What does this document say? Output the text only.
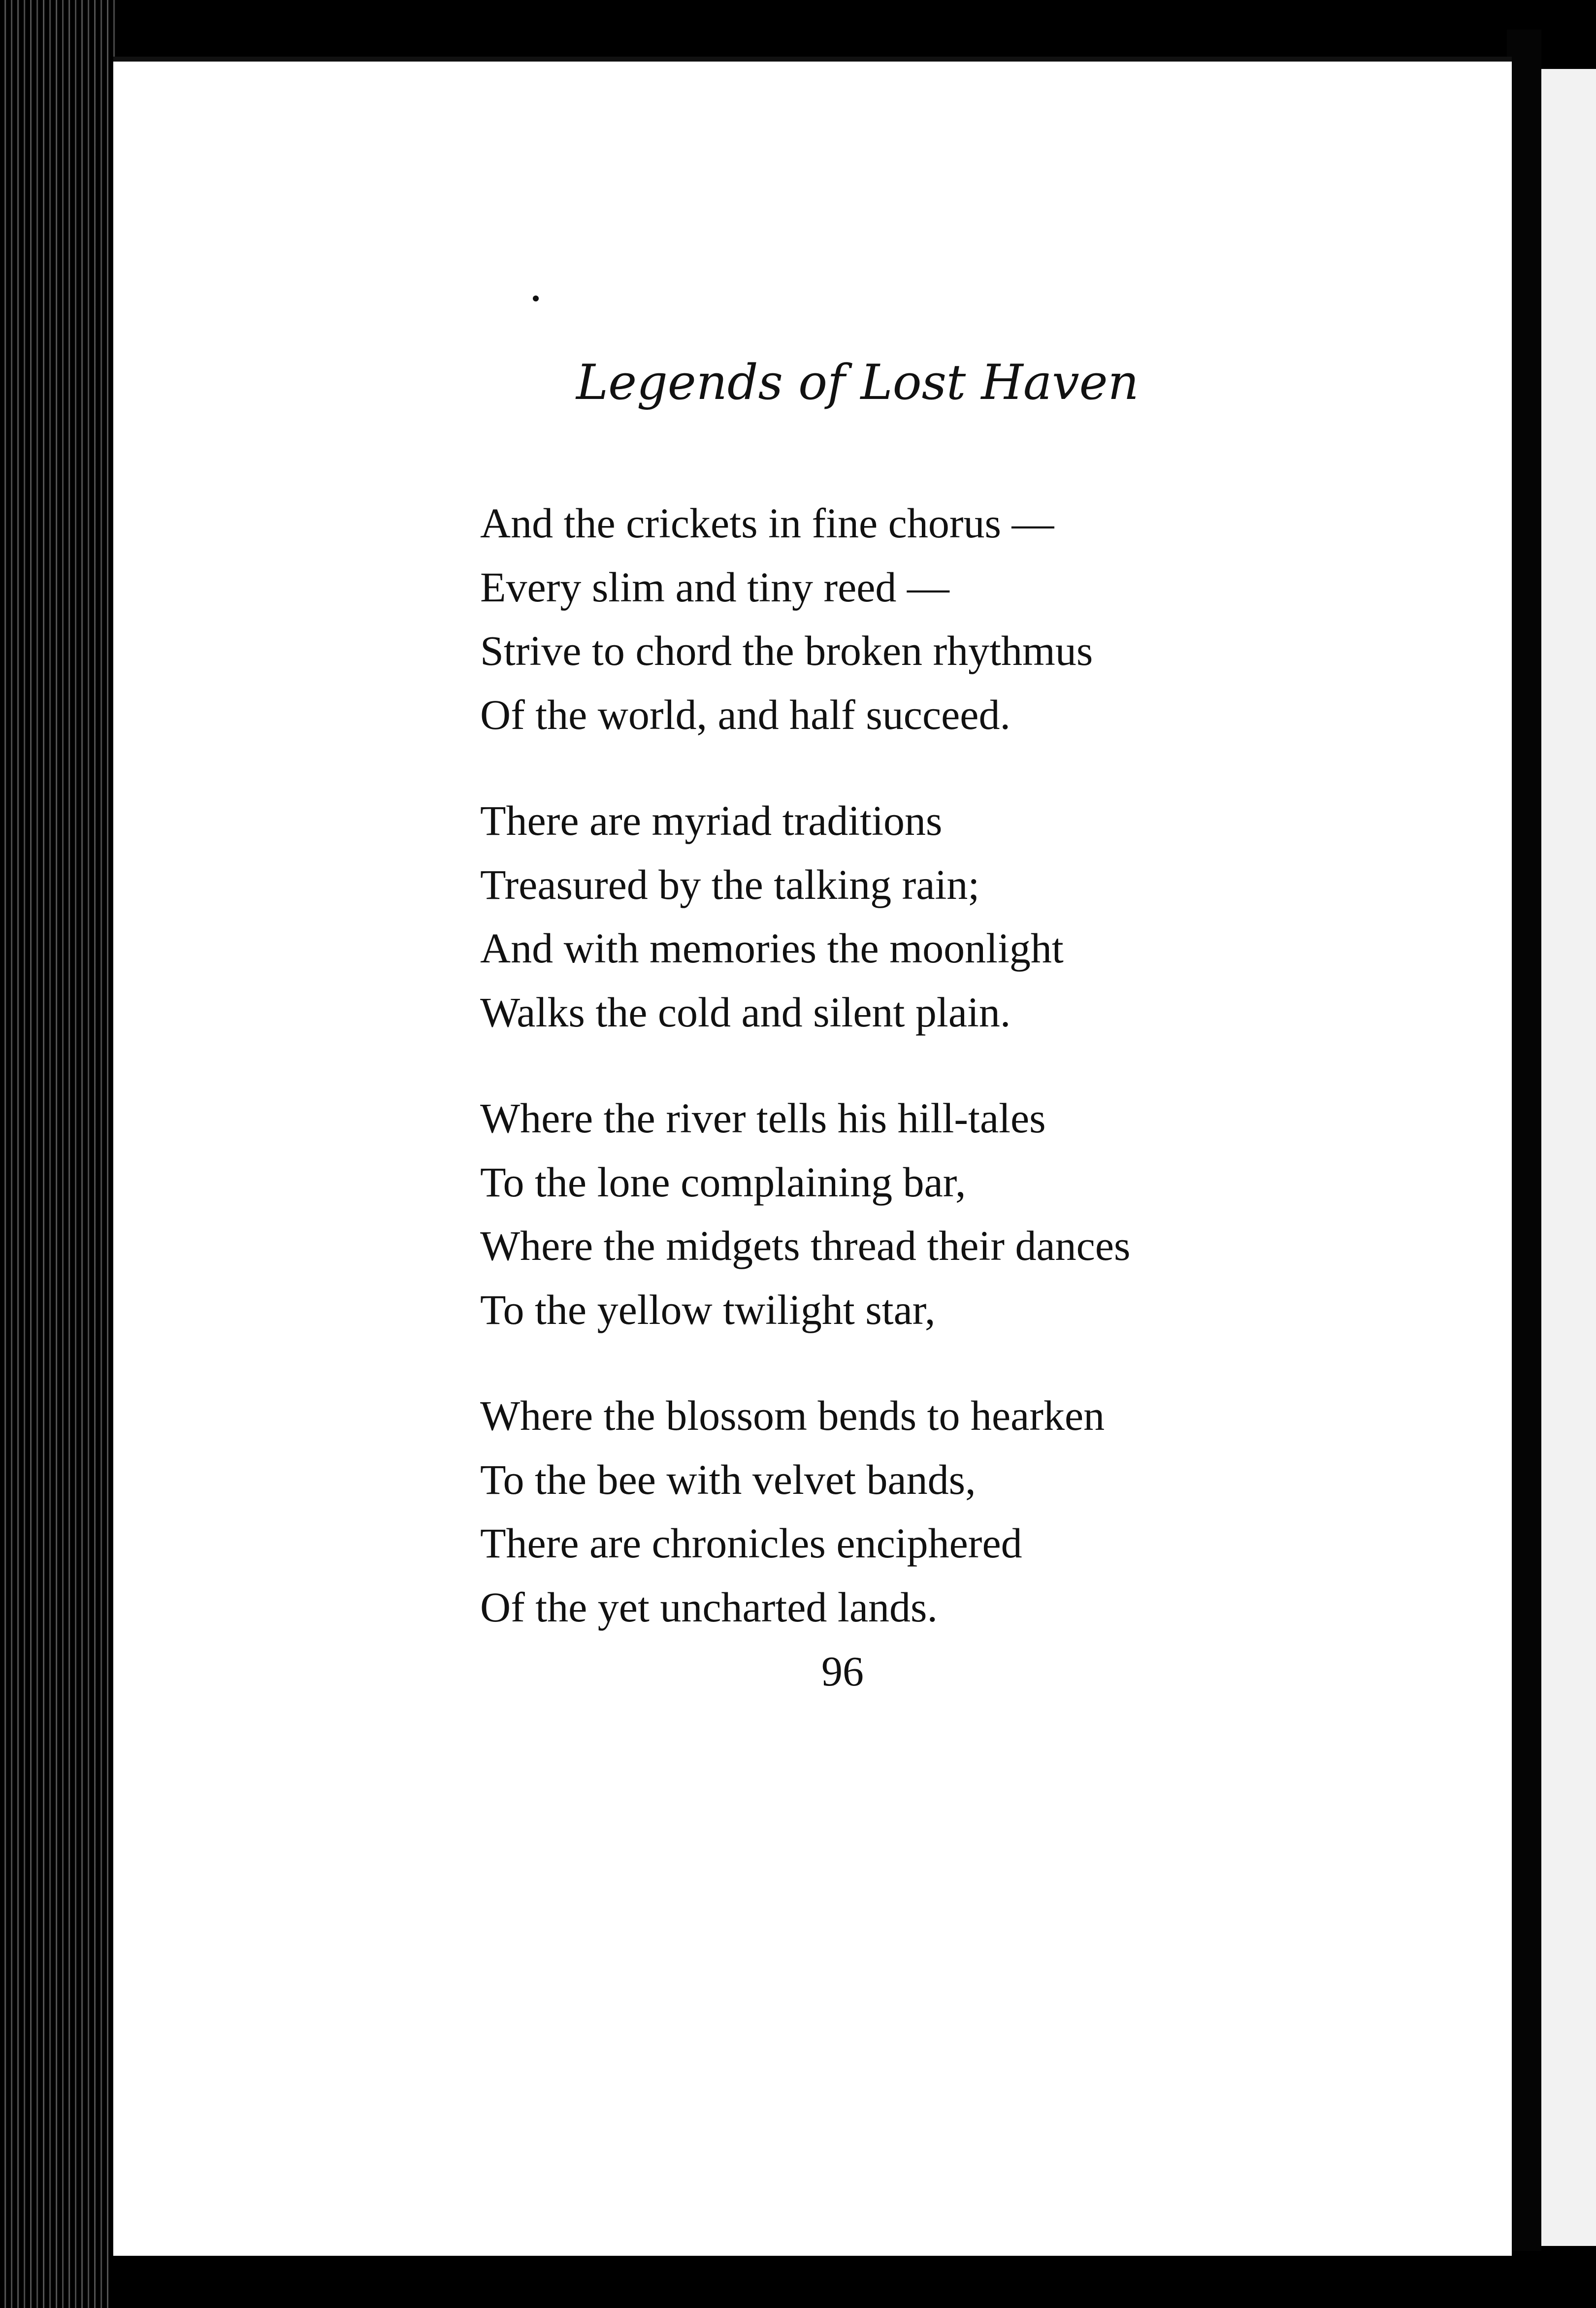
Legends of Lost Haven
And the crickets in fine chorus —
Every slim and tiny reed —
Strive to chord the broken rhythmus
Of the world, and half succeed.
There are myriad traditions
Treasured by the talking rain;
And with memories the moonlight
Walks the cold and silent plain.
Where the river tells his hill-tales
To the lone complaining bar,
Where the midgets thread their dances
To the yellow twilight star,
Where the blossom bends to hearken
To the bee with velvet bands,
There are chronicles enciphered
Of the yet uncharted lands.
96
